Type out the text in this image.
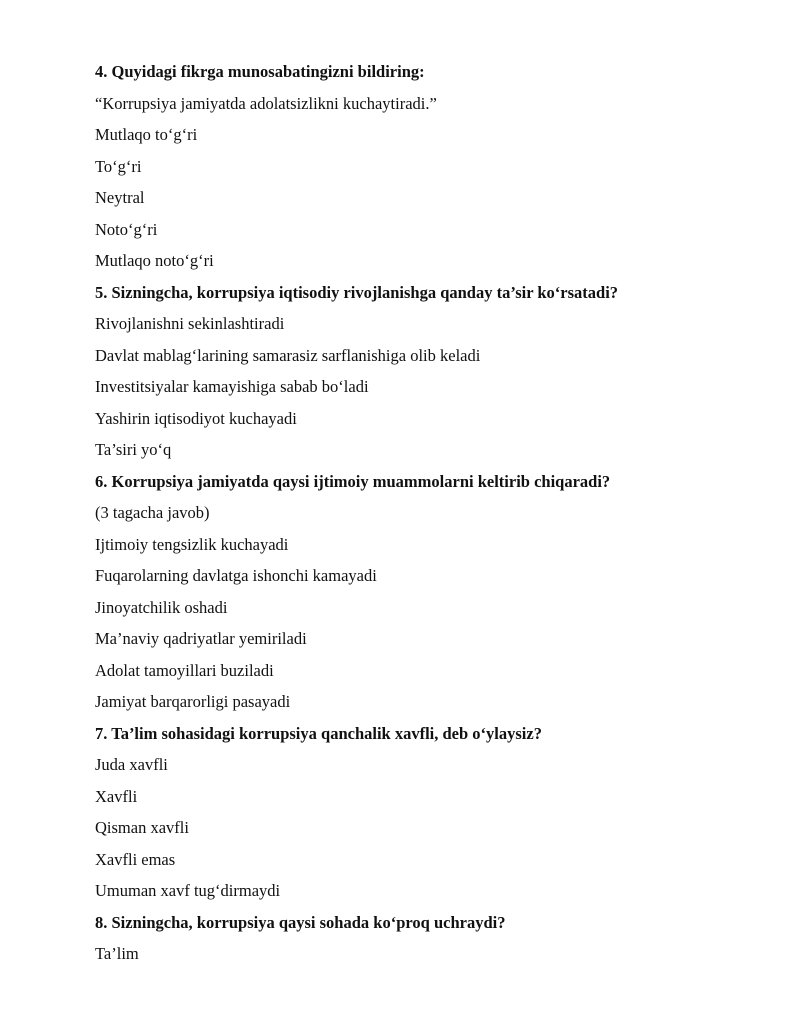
4. Quyidagi fikrga munosabatingizni bildiring:
“Korrupsiya jamiyatda adolatsizlikni kuchaytiradi.”
Mutlaqo to‘g‘ri
To‘g‘ri
Neytral
Noto‘g‘ri
Mutlaqo noto‘g‘ri
5. Sizningcha, korrupsiya iqtisodiy rivojlanishga qanday ta’sir ko‘rsatadi?
Rivojlanishni sekinlashtiradi
Davlat mablag‘larining samarasiz sarflanishiga olib keladi
Investitsiyalar kamayishiga sabab bo‘ladi
Yashirin iqtisodiyot kuchayadi
Ta’siri yo‘q
6. Korrupsiya jamiyatda qaysi ijtimoiy muammolarni keltirib chiqaradi?
(3 tagacha javob)
Ijtimoiy tengsizlik kuchayadi
Fuqarolarning davlatga ishonchi kamayadi
Jinoyatchilik oshadi
Ma’naviy qadriyatlar yemiriladi
Adolat tamoyillari buziladi
Jamiyat barqarorligi pasayadi
7. Ta’lim sohasidagi korrupsiya qanchalik xavfli, deb o‘ylaysiz?
Juda xavfli
Xavfli
Qisman xavfli
Xavfli emas
Umuman xavf tug‘dirmaydi
8. Sizningcha, korrupsiya qaysi sohada ko‘proq uchraydi?
Ta’lim
